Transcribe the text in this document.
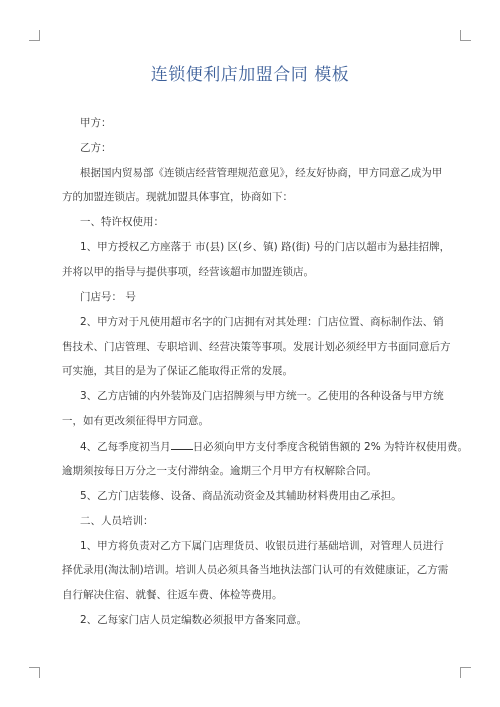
连锁便利店加盟合同 模板
甲方：
乙方：
根据国内贸易部《连锁店经营管理规范意见》，经友好协商，甲方同意乙成为甲
方的加盟连锁店。现就加盟具体事宜，协商如下：
一、特许权使用：
1、甲方授权乙方座落于 市(县) 区(乡、镇) 路(街) 号的门店以超市为悬挂招牌，
并将以甲的指导与提供事项，经营该超市加盟连锁店。
门店号： 号
2、甲方对于凡使用超市名字的门店拥有对其处理：门店位置、商标制作法、销
售技术、门店管理、专职培训、经营决策等事项。发展计划必须经甲方书面同意后方
可实施，其目的是为了保证乙能取得正常的发展。
3、乙方店铺的内外装饰及门店招牌须与甲方统一。乙使用的各种设备与甲方统
一，如有更改须征得甲方同意。
4、乙每季度初当月 日必须向甲方支付季度含税销售额的 2% 为特许权使用费。
逾期须按每日万分之一支付滞纳金。逾期三个月甲方有权解除合同。
5、乙方门店装修、设备、商品流动资金及其辅助材料费用由乙承担。
二、人员培训：
1、甲方将负责对乙方下属门店理货员、收银员进行基础培训，对管理人员进行
择优录用(淘汰制)培训。培训人员必须具备当地执法部门认可的有效健康证，乙方需
自行解决住宿、就餐、往返车费、体检等费用。
2、乙每家门店人员定编数必须报甲方备案同意。
